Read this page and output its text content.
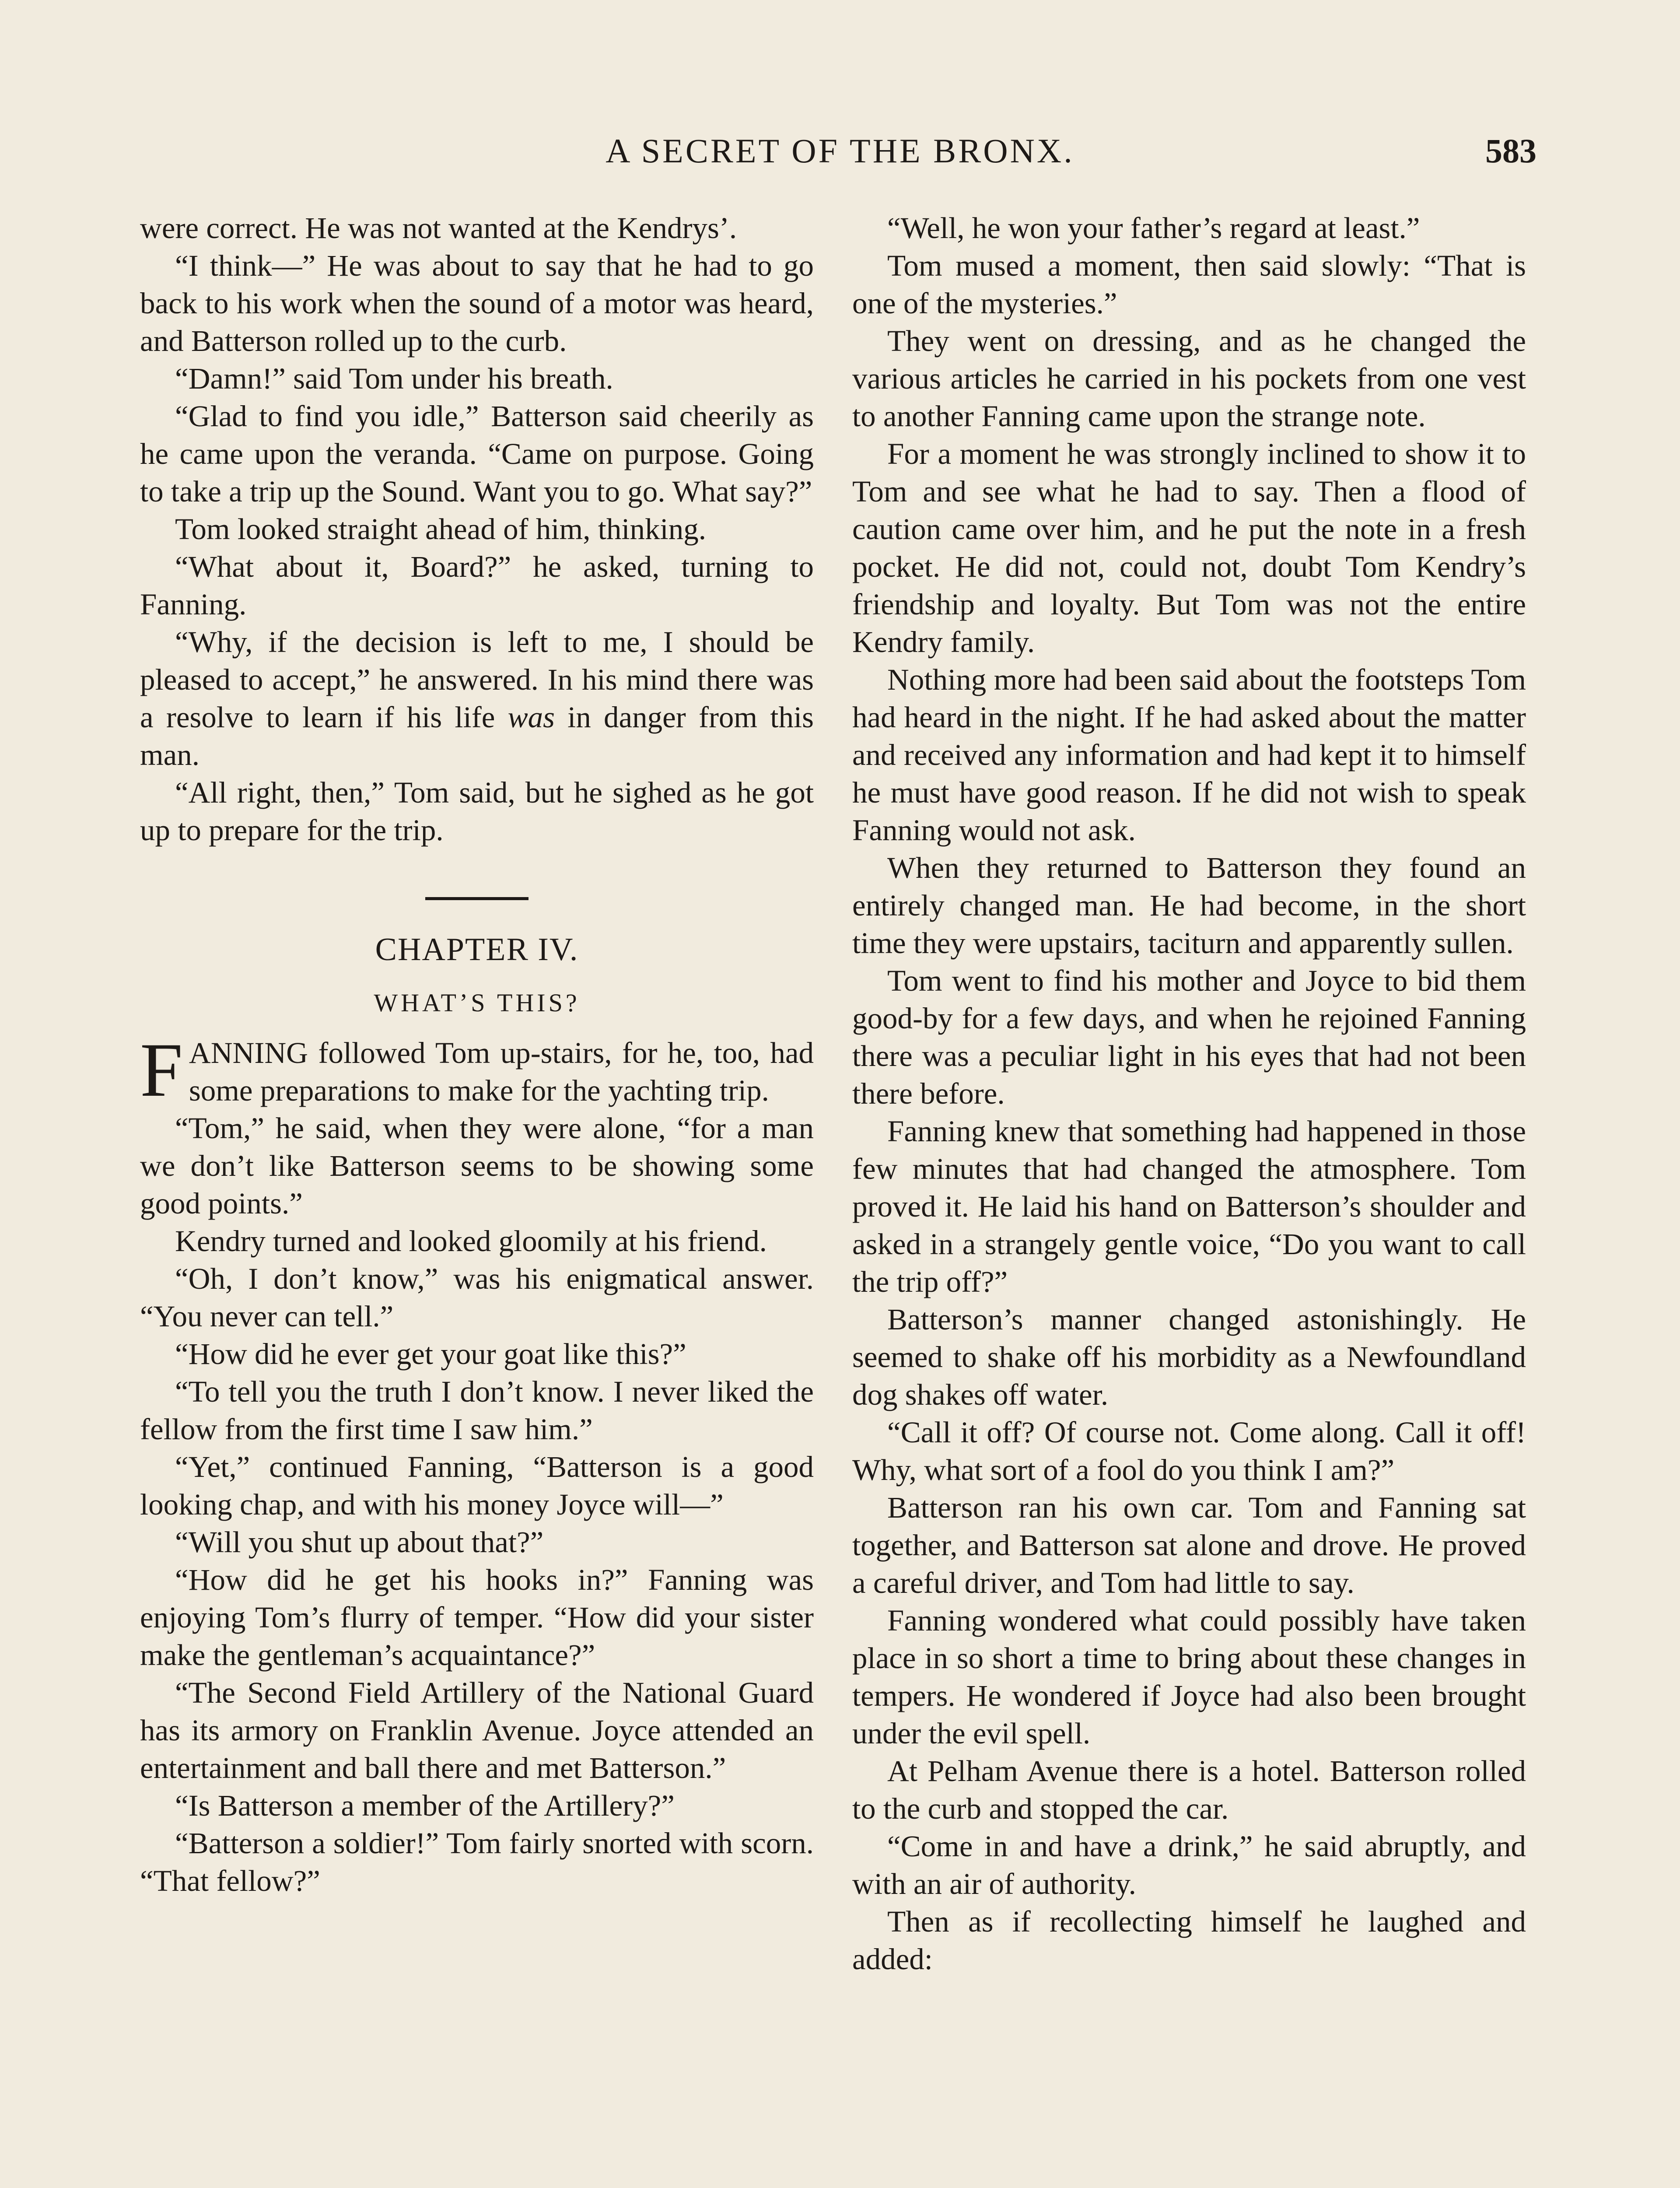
A SECRET OF THE BRONX.	583

were correct. He was not wanted at the Kendrys’.

“I think—” He was about to say that he had to go back to his work when the sound of a motor was heard, and Batterson rolled up to the curb.

“Damn!” said Tom under his breath.

“Glad to find you idle,” Batterson said cheerily as he came upon the veranda. “Came on purpose. Going to take a trip up the Sound. Want you to go. What say?”

Tom looked straight ahead of him, thinking.

“What about it, Board?” he asked, turning to Fanning.

“Why, if the decision is left to me, I should be pleased to accept,” he answered. In his mind there was a resolve to learn if his life was in danger from this man.

“All right, then,” Tom said, but he sighed as he got up to prepare for the trip.

CHAPTER IV.
WHAT’S THIS?

FANNING followed Tom up-stairs, for he, too, had some preparations to make for the yachting trip.

“Tom,” he said, when they were alone, “for a man we don’t like Batterson seems to be showing some good points.”

Kendry turned and looked gloomily at his friend.

“Oh, I don’t know,” was his enigmatical answer. “You never can tell.”

“How did he ever get your goat like this?”

“To tell you the truth I don’t know. I never liked the fellow from the first time I saw him.”

“Yet,” continued Fanning, “Batterson is a good looking chap, and with his money Joyce will—”

“Will you shut up about that?”

“How did he get his hooks in?” Fanning was enjoying Tom’s flurry of temper. “How did your sister make the gentleman’s acquaintance?”

“The Second Field Artillery of the National Guard has its armory on Franklin Avenue. Joyce attended an entertainment and ball there and met Batterson.”

“Is Batterson a member of the Artillery?”

“Batterson a soldier!” Tom fairly snorted with scorn. “That fellow?”

“Well, he won your father’s regard at least.”

Tom mused a moment, then said slowly: “That is one of the mysteries.”

They went on dressing, and as he changed the various articles he carried in his pockets from one vest to another Fanning came upon the strange note.

For a moment he was strongly inclined to show it to Tom and see what he had to say. Then a flood of caution came over him, and he put the note in a fresh pocket. He did not, could not, doubt Tom Kendry’s friendship and loyalty. But Tom was not the entire Kendry family.

Nothing more had been said about the footsteps Tom had heard in the night. If he had asked about the matter and received any information and had kept it to himself he must have good reason. If he did not wish to speak Fanning would not ask.

When they returned to Batterson they found an entirely changed man. He had become, in the short time they were upstairs, taciturn and apparently sullen.

Tom went to find his mother and Joyce to bid them good-by for a few days, and when he rejoined Fanning there was a peculiar light in his eyes that had not been there before.

Fanning knew that something had happened in those few minutes that had changed the atmosphere. Tom proved it. He laid his hand on Batterson’s shoulder and asked in a strangely gentle voice, “Do you want to call the trip off?”

Batterson’s manner changed astonishingly. He seemed to shake off his morbidity as a Newfoundland dog shakes off water.

“Call it off? Of course not. Come along. Call it off! Why, what sort of a fool do you think I am?”

Batterson ran his own car. Tom and Fanning sat together, and Batterson sat alone and drove. He proved a careful driver, and Tom had little to say.

Fanning wondered what could possibly have taken place in so short a time to bring about these changes in tempers. He wondered if Joyce had also been brought under the evil spell.

At Pelham Avenue there is a hotel. Batterson rolled to the curb and stopped the car.

“Come in and have a drink,” he said abruptly, and with an air of authority.

Then as if recollecting himself he laughed and added:
